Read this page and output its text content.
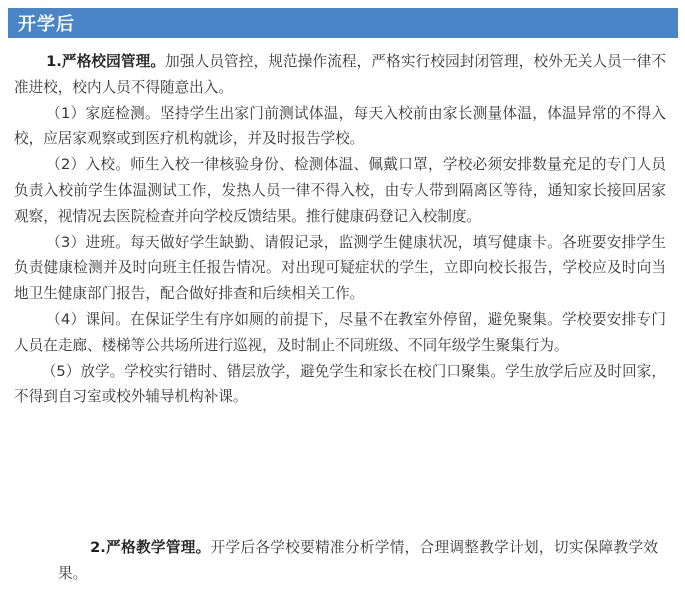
开学后

1.严格校园管理。加强人员管控，规范操作流程，严格实行校园封闭管理，校外无关人员一律不准进校，校内人员不得随意出入。

（1）家庭检测。坚持学生出家门前测试体温，每天入校前由家长测量体温，体温异常的不得入校，应居家观察或到医疗机构就诊，并及时报告学校。

（2）入校。师生入校一律核验身份、检测体温、佩戴口罩，学校必须安排数量充足的专门人员负责入校前学生体温测试工作，发热人员一律不得入校，由专人带到隔离区等待，通知家长接回居家观察，视情况去医院检查并向学校反馈结果。推行健康码登记入校制度。

（3）进班。每天做好学生缺勤、请假记录，监测学生健康状况，填写健康卡。各班要安排学生负责健康检测并及时向班主任报告情况。对出现可疑症状的学生，立即向校长报告，学校应及时向当地卫生健康部门报告，配合做好排查和后续相关工作。

（4）课间。在保证学生有序如厕的前提下，尽量不在教室外停留，避免聚集。学校要安排专门人员在走廊、楼梯等公共场所进行巡视，及时制止不同班级、不同年级学生聚集行为。

（5）放学。学校实行错时、错层放学，避免学生和家长在校门口聚集。学生放学后应及时回家，不得到自习室或校外辅导机构补课。

2.严格教学管理。开学后各学校要精准分析学情，合理调整教学计划，切实保障教学效果。
